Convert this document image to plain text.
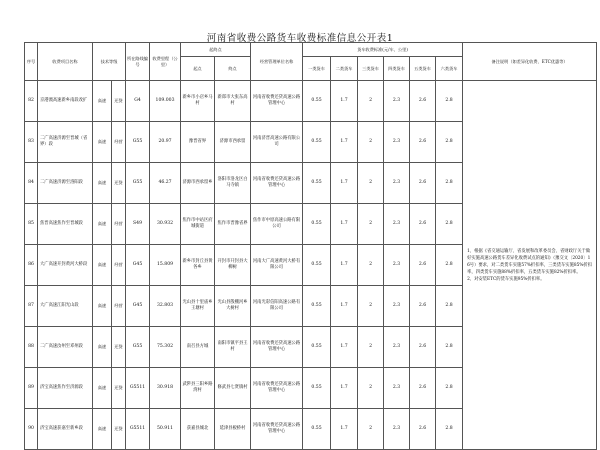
河南省收费公路货车收费标准信息公开表1
序号	收费项目名称	技术等级		所在路线编号	收费里程（公里）	起终点		经营管理单位名称	货车收费标准(元/车、公里)						备注说明（如差异化收费、ETC优惠等）
						起点	终点		一类货车	二类货车	三类货车	四类货车	五类货车	六类货车	
82	京港澳高速新乡南段改扩	高速	还贷	G4	109.003	新乡市小店乡马村	新郑市大张东高村	河南省收费还贷高速公路管理中心	0.55	1.7	2	2.3	2.6	2.8	1、根据《省交通运输厅、省发展和改革委员会、省财政厅关于做好实施高速公路货车差异化收费试点的通知》（豫交文〔2020〕16号）要求，对二类货车实施57%折扣率，三类货车实施85%折扣率，四类货车实施88%折扣率，五类货车实施82%折扣率。
2、对安装ETC的货车实施95%折扣率。
83	二广高速济源至晋城（省界）段	高速	经营	G55	20.97	豫晋省界	济源市西承留	河南济晋高速公路有限公司	0.55	1.7	2	2.3	2.6	2.8	
84	二广高速济源至洛阳段	高速	还贷	G55	46.27	济源市西承留乡	洛阳市洛龙区白马寺镇	河南省收费还贷高速公路管理中心	0.55	1.7	2	2.3	2.6	2.8	
85	焦晋高速焦作至晋城段	高速	经营	S49	30.932	焦作市中站区府城街道	焦作市晋豫省界	焦作市中原高速公路有限公司	0.55	1.7	2	2.3	2.6	2.8	
86	大广高速开封黄河大桥段	高速	经营	G45	15.809	新乡市封丘县黄各乡	开封市开封县大柳树	河南大广高速黄河大桥有限公司	0.55	1.7	2	2.3	2.6	2.8	
87	大广高速江阳光山段	高速	经营	G45	32.803	光山县十里庙乡王塘村	光山县殷棚河乡大树村	河南光彩信阳高速公路有限公司	0.55	1.7	2	2.3	2.6	2.8	
88	二广高速汝州至邓州段	高速	还贷	G55	75.302	南召县方城	南阳市镇平县王村	河南省收费还贷高速公路管理中心	0.55	1.7	2	2.3	2.6	2.8	
89	济宝高速焦作至济源段	高速	还贷	G5511	30.918	武陟县三阳乡路湾村	修武县七贤镇村	河南省收费还贷高速公路管理中心	0.55	1.7	2	2.3	2.6	2.8	
90	济宝高速获嘉至新乡段	高速	还贷	G5511	50.911	获嘉县城北	延津县板桥村	河南省收费还贷高速公路管理中心	0.55	1.7	2	2.3	2.6	2.8	
